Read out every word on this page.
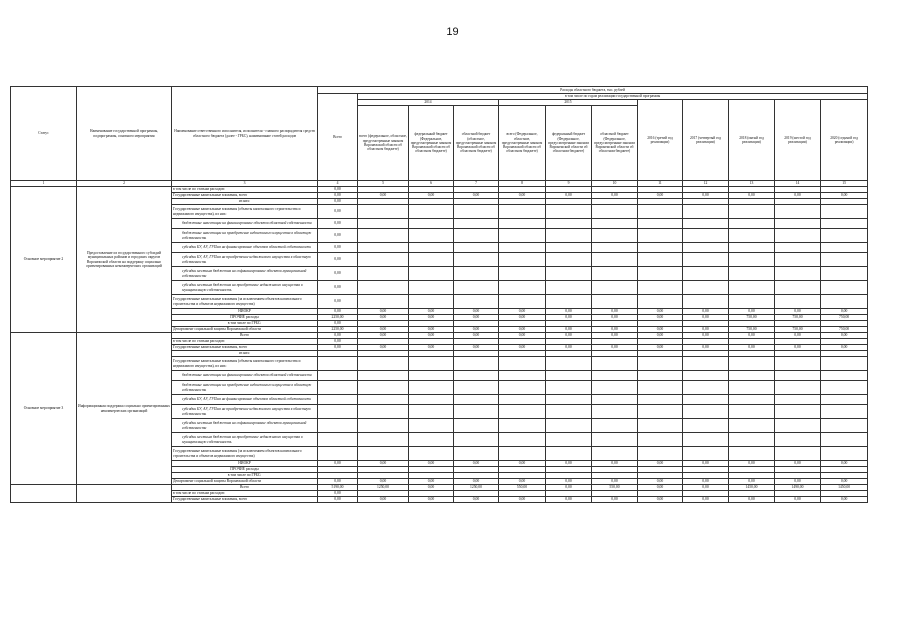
19
Статус	Наименование государственной программы, подпрограммы, основного мероприятия	Наименование ответственного исполнителя, исполнителя - главного распорядителя средств областного бюджета (далее - ГРБС), наименование статей расходов	Расходы областного бюджета, тыс. рублей											
			Всего	в том числе по годам реализации государственной программы										
				2014			2015			2016 (третий год реализации)	2017 (четвертый год реализации)	2018 (пятый год реализации)	2019 (шестой год реализации)	2020 (седьмой год реализации)
				всего (федеральное, областное, предусмотренные законом Воронежской области об областном бюджете)	федеральный бюджет (Федеральное, предусмотренные законом Воронежской области об областном бюджете)	областной бюджет (областное, предусмотренные законом Воронежской области об областном бюджете)	всего (Федеральное, областное, предусмотренные законом Воронежской области об областном бюджете)	федеральный бюджет (Федеральное, предусмотренные законом Воронежской области об областном бюджете)	областной бюджет (Федеральное, предусмотренные законом Воронежской области об областном бюджете)					
1	2	3	4	5	6	7	8	9	10	11	12	13	14	15
Основное мероприятие 2	Предоставление из государственного субсидий муниципальных районов и городских округов Воронежской области на поддержку социально ориентированных некоммерческих организаций	в том числе по статьям расходов:	0,00											
		Государственные капитальные вложения, всего	0,00	0,00	0,00	0,00	0,00	0,00	0,00	0,00	0,00	0,00	0,00	0,00
		из них:	0,00											
		Государственные капитальные вложения (объекты капитального строительства и недвижимого имущества), из них:	0,00											
		бюджетные инвестиции на финансирование объектов областной собственности	0,00											
		бюджетные инвестиции на приобретение недвижимого имущества в областную собственность	0,00											
		субсидии БУ, АУ, ГУПам на финансирование объектов областной собственности	0,00											
		субсидии БУ, АУ, ГУПам на приобретение недвижимого имущества в областную собственность	0,00											
		субсидии местным бюджетам на софинансирование объектов муниципальной собственности	0,00											
		субсидии местным бюджетам на приобретение недвижимого имущества в муниципальную собственность	0,00											
		Государственные капитальные вложения (за исключением объектов капитального строительства и объектов недвижимого имущества)	0,00											
		НИОКР	0,00	0,00	0,00	0,00	0,00	0,00	0,00	0,00	0,00	0,00	0,00	0,00
		ПРОЧИЕ расходы	2250,00	0,00	0,00	0,00	0,00	0,00	0,00	0,00	0,00	750,00	750,00	750,00
		в том числе по ГРБС:	0,00											
		Департамент социальной защиты Воронежской области	2250,00	0,00	0,00	0,00	0,00	0,00	0,00	0,00	0,00	750,00	750,00	750,00
Основное мероприятие 3	Информационная поддержка социально ориентированных некоммерческих организаций	Всего	0,00	0,00	0,00	0,00	0,00	0,00	0,00	0,00	0,00	0,00	0,00	0,00
		в том числе по статьям расходов:	0,00											
		Государственные капитальные вложения, всего	0,00	0,00	0,00	0,00	0,00	0,00	0,00	0,00	0,00	0,00	0,00	0,00
		из них:												
		Государственные капитальные вложения (объекты капитального строительства и недвижимого имущества), из них:												
		бюджетные инвестиции на финансирование объектов областной собственности												
		бюджетные инвестиции на приобретение недвижимого имущества в областную собственность												
		субсидии БУ, АУ, ГУПам на финансирование объектов областной собственности												
		субсидии БУ, АУ, ГУПам на приобретение недвижимого имущества в областную собственность												
		субсидии местным бюджетам на софинансирование объектов муниципальной собственности												
		субсидии местным бюджетам на приобретение недвижимого имущества в муниципальную собственность												
		Государственные капитальные вложения (за исключением объектов капитального строительства и объектов недвижимого имущества)												
		НИОКР	0,00	0,00	0,00	0,00	0,00	0,00	0,00	0,00	0,00	0,00	0,00	0,00
		ПРОЧИЕ расходы												
		в том числе по ГРБС:												
		Департамент социальной защиты Воронежской области	0,00	0,00	0,00	0,00	0,00	0,00	0,00	0,00	0,00	0,00	0,00	0,00
		Всего	5190,00	1250,00	0,00	1250,00	550,00	0,00	550,00	0,00	0,00	1450,00	1490,00	1450,00
		в том числе по статьям расходов:	0,00											
		Государственные капитальные вложения, всего	0,00	0,00	0,00	0,00	0,00	0,00	0,00	0,00	0,00	0,00	0,00	0,00
